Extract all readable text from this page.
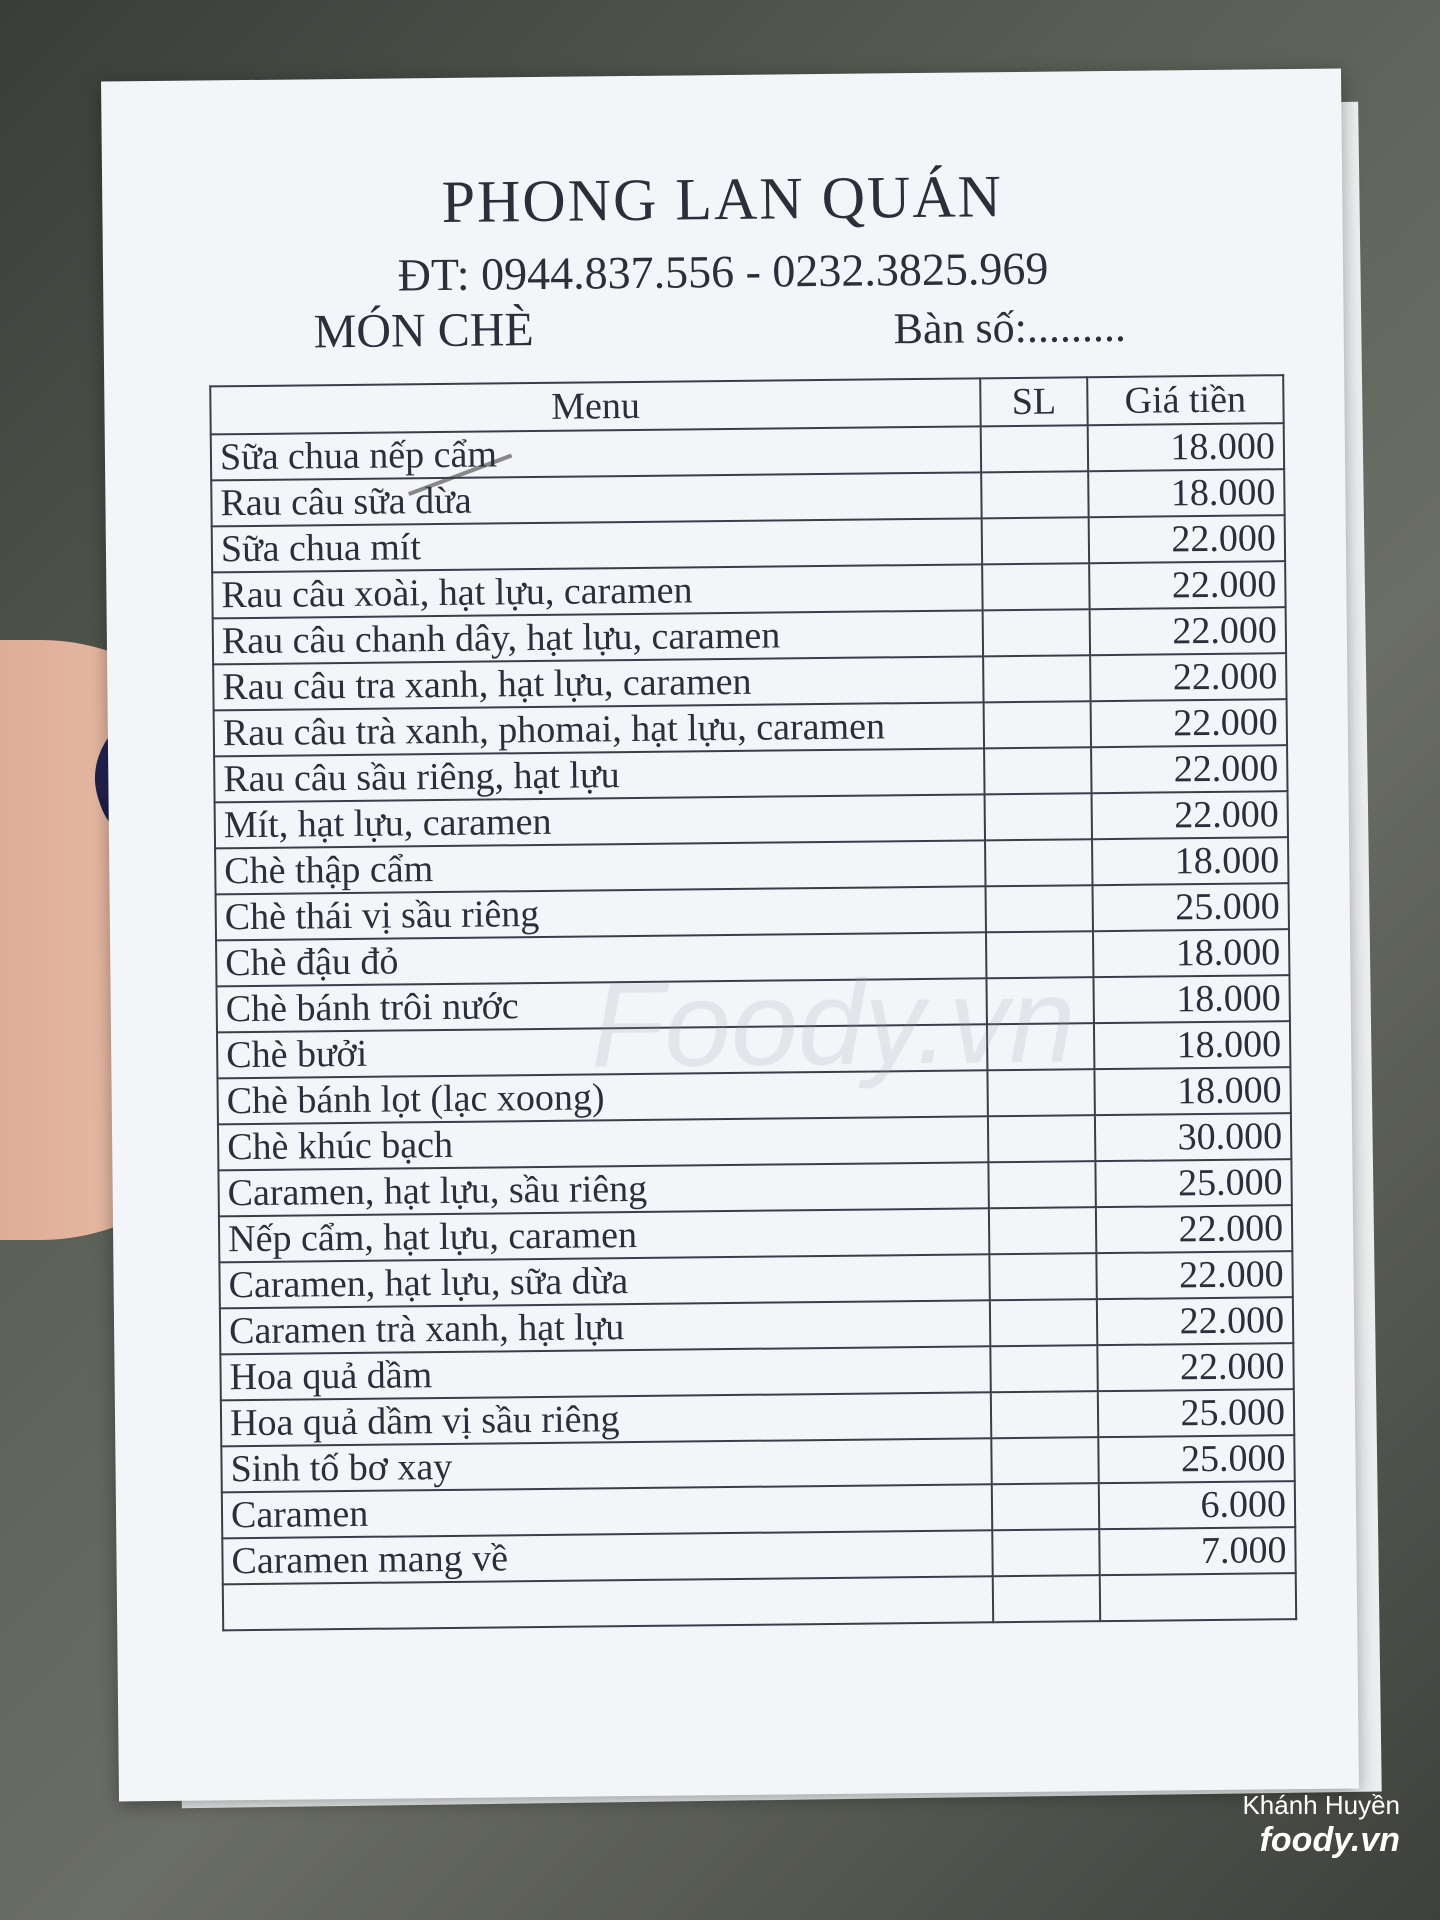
PHONG LAN QUÁN
ĐT: 0944.837.556 - 0232.3825.969
MÓN CHÈ	Bàn số:.........
Menu	SL	Giá tiền
Sữa chua nếp cẩm		18.000
Rau câu sữa dừa		18.000
Sữa chua mít		22.000
Rau câu xoài, hạt lựu, caramen		22.000
Rau câu chanh dây, hạt lựu, caramen		22.000
Rau câu tra xanh, hạt lựu, caramen		22.000
Rau câu trà xanh, phomai, hạt lựu, caramen		22.000
Rau câu sầu riêng, hạt lựu		22.000
Mít, hạt lựu, caramen		22.000
Chè thập cẩm		18.000
Chè thái vị sầu riêng		25.000
Chè đậu đỏ		18.000
Chè bánh trôi nước		18.000
Chè bưởi		18.000
Chè bánh lọt (lạc xoong)		18.000
Chè khúc bạch		30.000
Caramen, hạt lựu, sầu riêng		25.000
Nếp cẩm, hạt lựu, caramen		22.000
Caramen, hạt lựu, sữa dừa		22.000
Caramen trà xanh, hạt lựu		22.000
Hoa quả dầm		22.000
Hoa quả dầm vị sầu riêng		25.000
Sinh tố bơ xay		25.000
Caramen		6.000
Caramen mang về		7.000

Foody.vn
Khánh Huyền
foody.vn
